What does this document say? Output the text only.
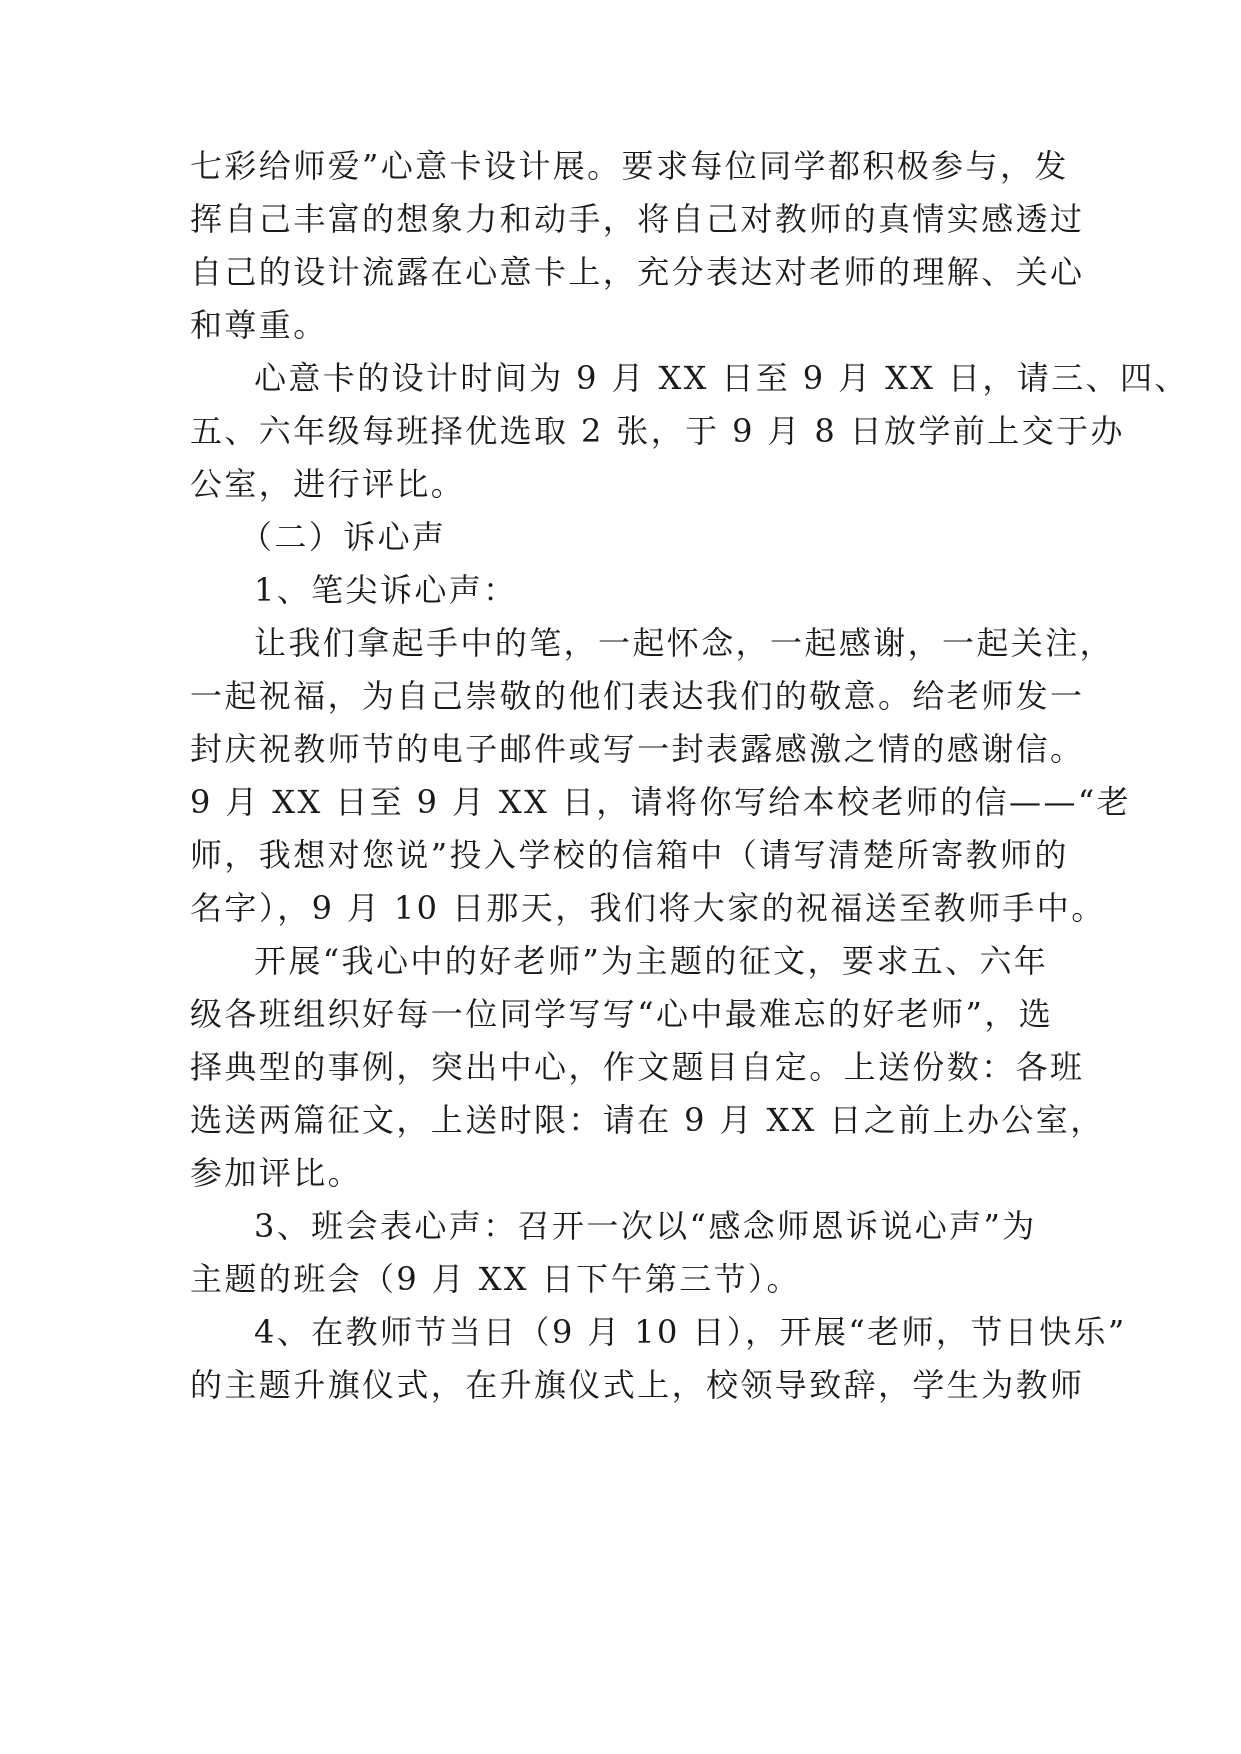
七彩给师爱”心意卡设计展。要求每位同学都积极参与，发
挥自己丰富的想象力和动手，将自己对教师的真情实感透过
自己的设计流露在心意卡上，充分表达对老师的理解、关心
和尊重。
心意卡的设计时间为 9 月 XX 日至 9 月 XX 日，请三、四、
五、六年级每班择优选取 2 张，于 9 月 8 日放学前上交于办
公室，进行评比。
（二）诉心声
1、笔尖诉心声：
让我们拿起手中的笔，一起怀念，一起感谢，一起关注，
一起祝福，为自己崇敬的他们表达我们的敬意。给老师发一
封庆祝教师节的电子邮件或写一封表露感激之情的感谢信。
9 月 XX 日至 9 月 XX 日，请将你写给本校老师的信——“老
师，我想对您说”投入学校的信箱中（请写清楚所寄教师的
名字），9 月 10 日那天，我们将大家的祝福送至教师手中。
开展“我心中的好老师”为主题的征文，要求五、六年
级各班组织好每一位同学写写“心中最难忘的好老师”，选
择典型的事例，突出中心，作文题目自定。上送份数：各班
选送两篇征文，上送时限：请在 9 月 XX 日之前上办公室，
参加评比。
3、班会表心声：召开一次以“感念师恩诉说心声”为
主题的班会（9 月 XX 日下午第三节）。
4、在教师节当日（9 月 10 日），开展“老师，节日快乐”
的主题升旗仪式，在升旗仪式上，校领导致辞，学生为教师
